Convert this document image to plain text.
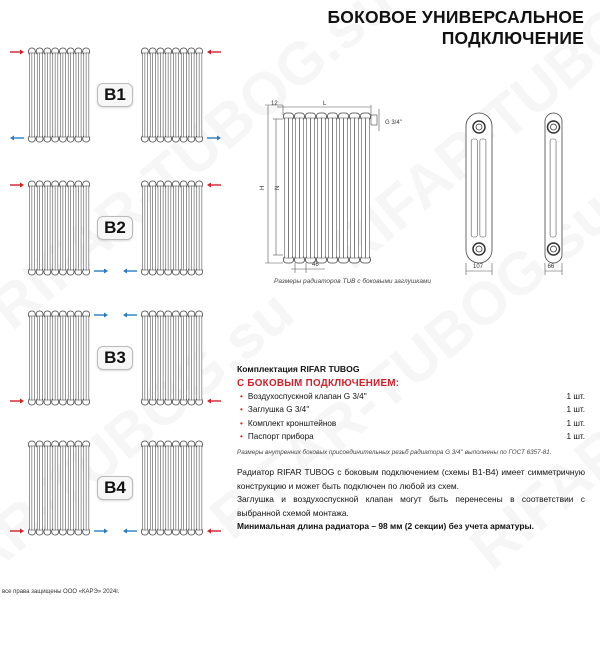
БОКОВОЕ УНИВЕРСАЛЬНОЕ
ПОДКЛЮЧЕНИЕ
B1
B2
B3
B4
L
12
G 3/4''
H N
46	107	66
Размеры радиаторов TUB с боковыми заглушками
Комплектация RIFAR TUBOG
С БОКОВЫМ ПОДКЛЮЧЕНИЕМ:
• Воздухоспускной клапан G 3/4''	1 шт.
• Заглушка G 3/4''	1 шт.
• Комплект кронштейнов	1 шт.
• Паспорт прибора	1 шт.
Размеры внутренних боковых присоединительных резьб радиатора G 3/4'' выполнены по ГОСТ 6357-81.

Радиатор RIFAR TUBOG с боковым подключением (схемы В1-В4) имеет симметричную конструкцию и может быть подключен по любой из схем.

Заглушка и воздухоспускной клапан могут быть перенесены в соответствии с выбранной схемой монтажа.

Минимальная длина радиатора – 98 мм (2 секции) без учета арматуры.

все права защищены ООО «КАРЭ» 2024г.
